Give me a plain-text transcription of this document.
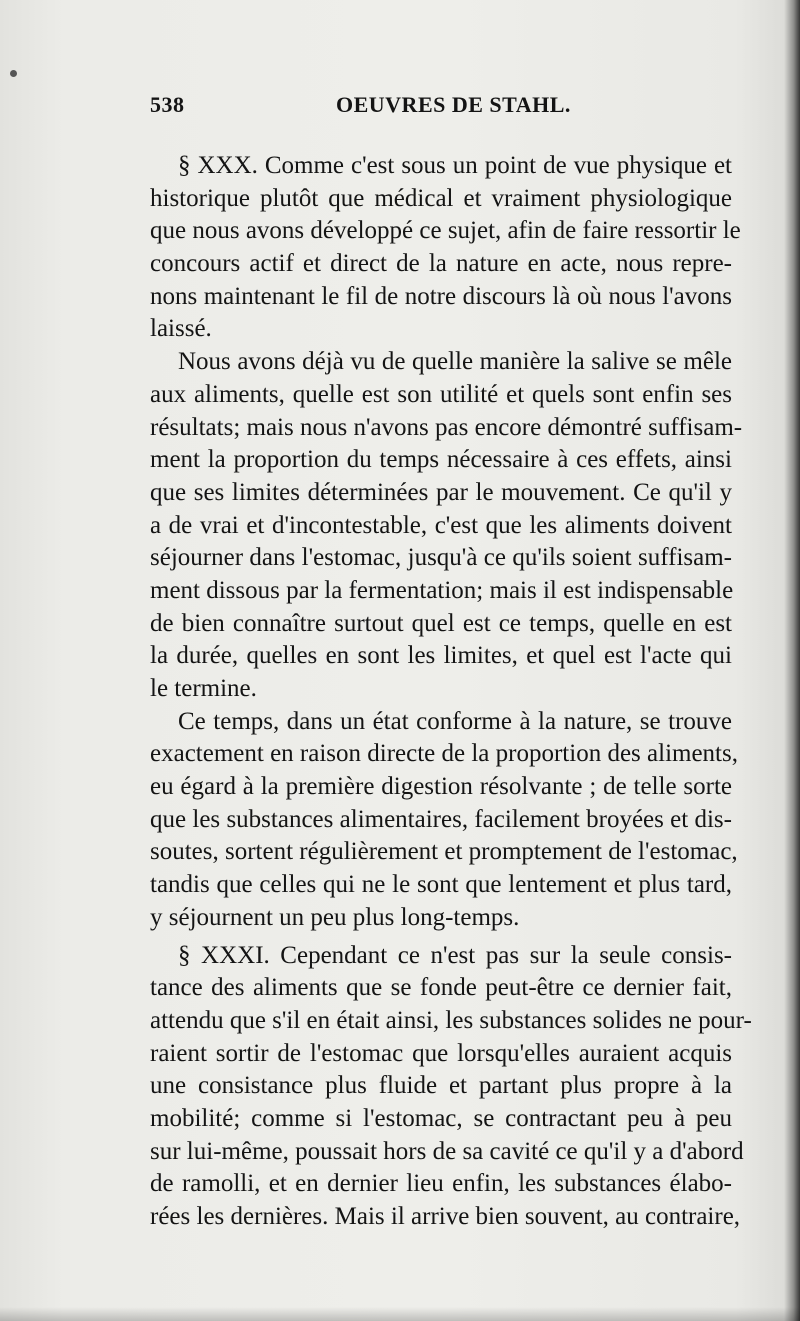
538	OEUVRES DE STAHL.
§ XXX. Comme c'est sous un point de vue physique et
historique plutôt que médical et vraiment physiologique
que nous avons développé ce sujet, afin de faire ressortir le
concours actif et direct de la nature en acte, nous repre-
nons maintenant le fil de notre discours là où nous l'avons
laissé.
Nous avons déjà vu de quelle manière la salive se mêle
aux aliments, quelle est son utilité et quels sont enfin ses
résultats; mais nous n'avons pas encore démontré suffisam-
ment la proportion du temps nécessaire à ces effets, ainsi
que ses limites déterminées par le mouvement. Ce qu'il y
a de vrai et d'incontestable, c'est que les aliments doivent
séjourner dans l'estomac, jusqu'à ce qu'ils soient suffisam-
ment dissous par la fermentation; mais il est indispensable
de bien connaître surtout quel est ce temps, quelle en est
la durée, quelles en sont les limites, et quel est l'acte qui
le termine.
Ce temps, dans un état conforme à la nature, se trouve
exactement en raison directe de la proportion des aliments,
eu égard à la première digestion résolvante ; de telle sorte
que les substances alimentaires, facilement broyées et dis-
soutes, sortent régulièrement et promptement de l'estomac,
tandis que celles qui ne le sont que lentement et plus tard,
y séjournent un peu plus long-temps.
§ XXXI. Cependant ce n'est pas sur la seule consis-
tance des aliments que se fonde peut-être ce dernier fait,
attendu que s'il en était ainsi, les substances solides ne pour-
raient sortir de l'estomac que lorsqu'elles auraient acquis
une consistance plus fluide et partant plus propre à la
mobilité; comme si l'estomac, se contractant peu à peu
sur lui-même, poussait hors de sa cavité ce qu'il y a d'abord
de ramolli, et en dernier lieu enfin, les substances élabo-
rées les dernières. Mais il arrive bien souvent, au contraire,
